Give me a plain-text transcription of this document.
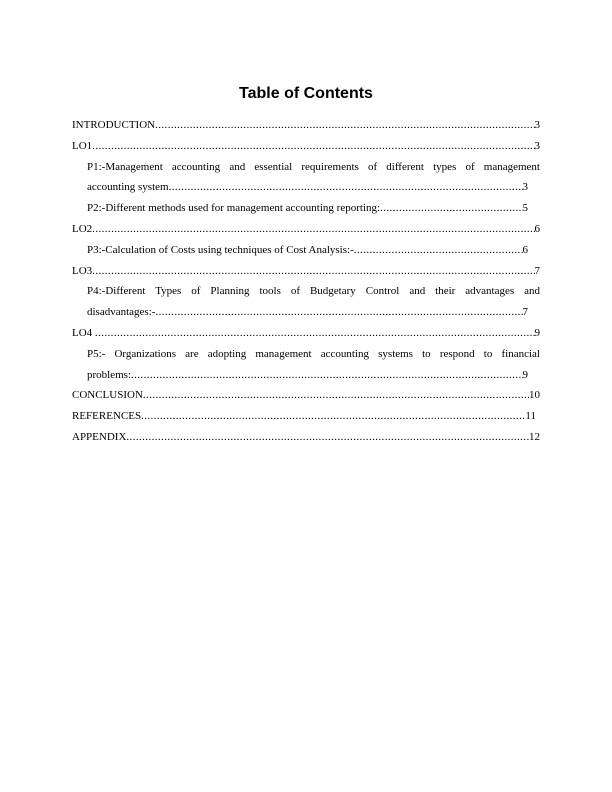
Table of Contents
INTRODUCTION .....	3
LO1 .....	3
P1:-Management accounting and essential requirements of different types of management
accounting system .....	3
P2:-Different methods used for management accounting reporting: .....	5
LO2 .....	6
P3:-Calculation of Costs using techniques of Cost Analysis:- .....	6
LO3 .....	7
P4:-Different Types of Planning tools of Budgetary Control and their advantages and
disadvantages:- .....	7
LO4 .....	9
P5:- Organizations are adopting management accounting systems to respond to financial
problems: .....	9
CONCLUSION .....	10
REFERENCES .....	11
APPENDIX .....	12
